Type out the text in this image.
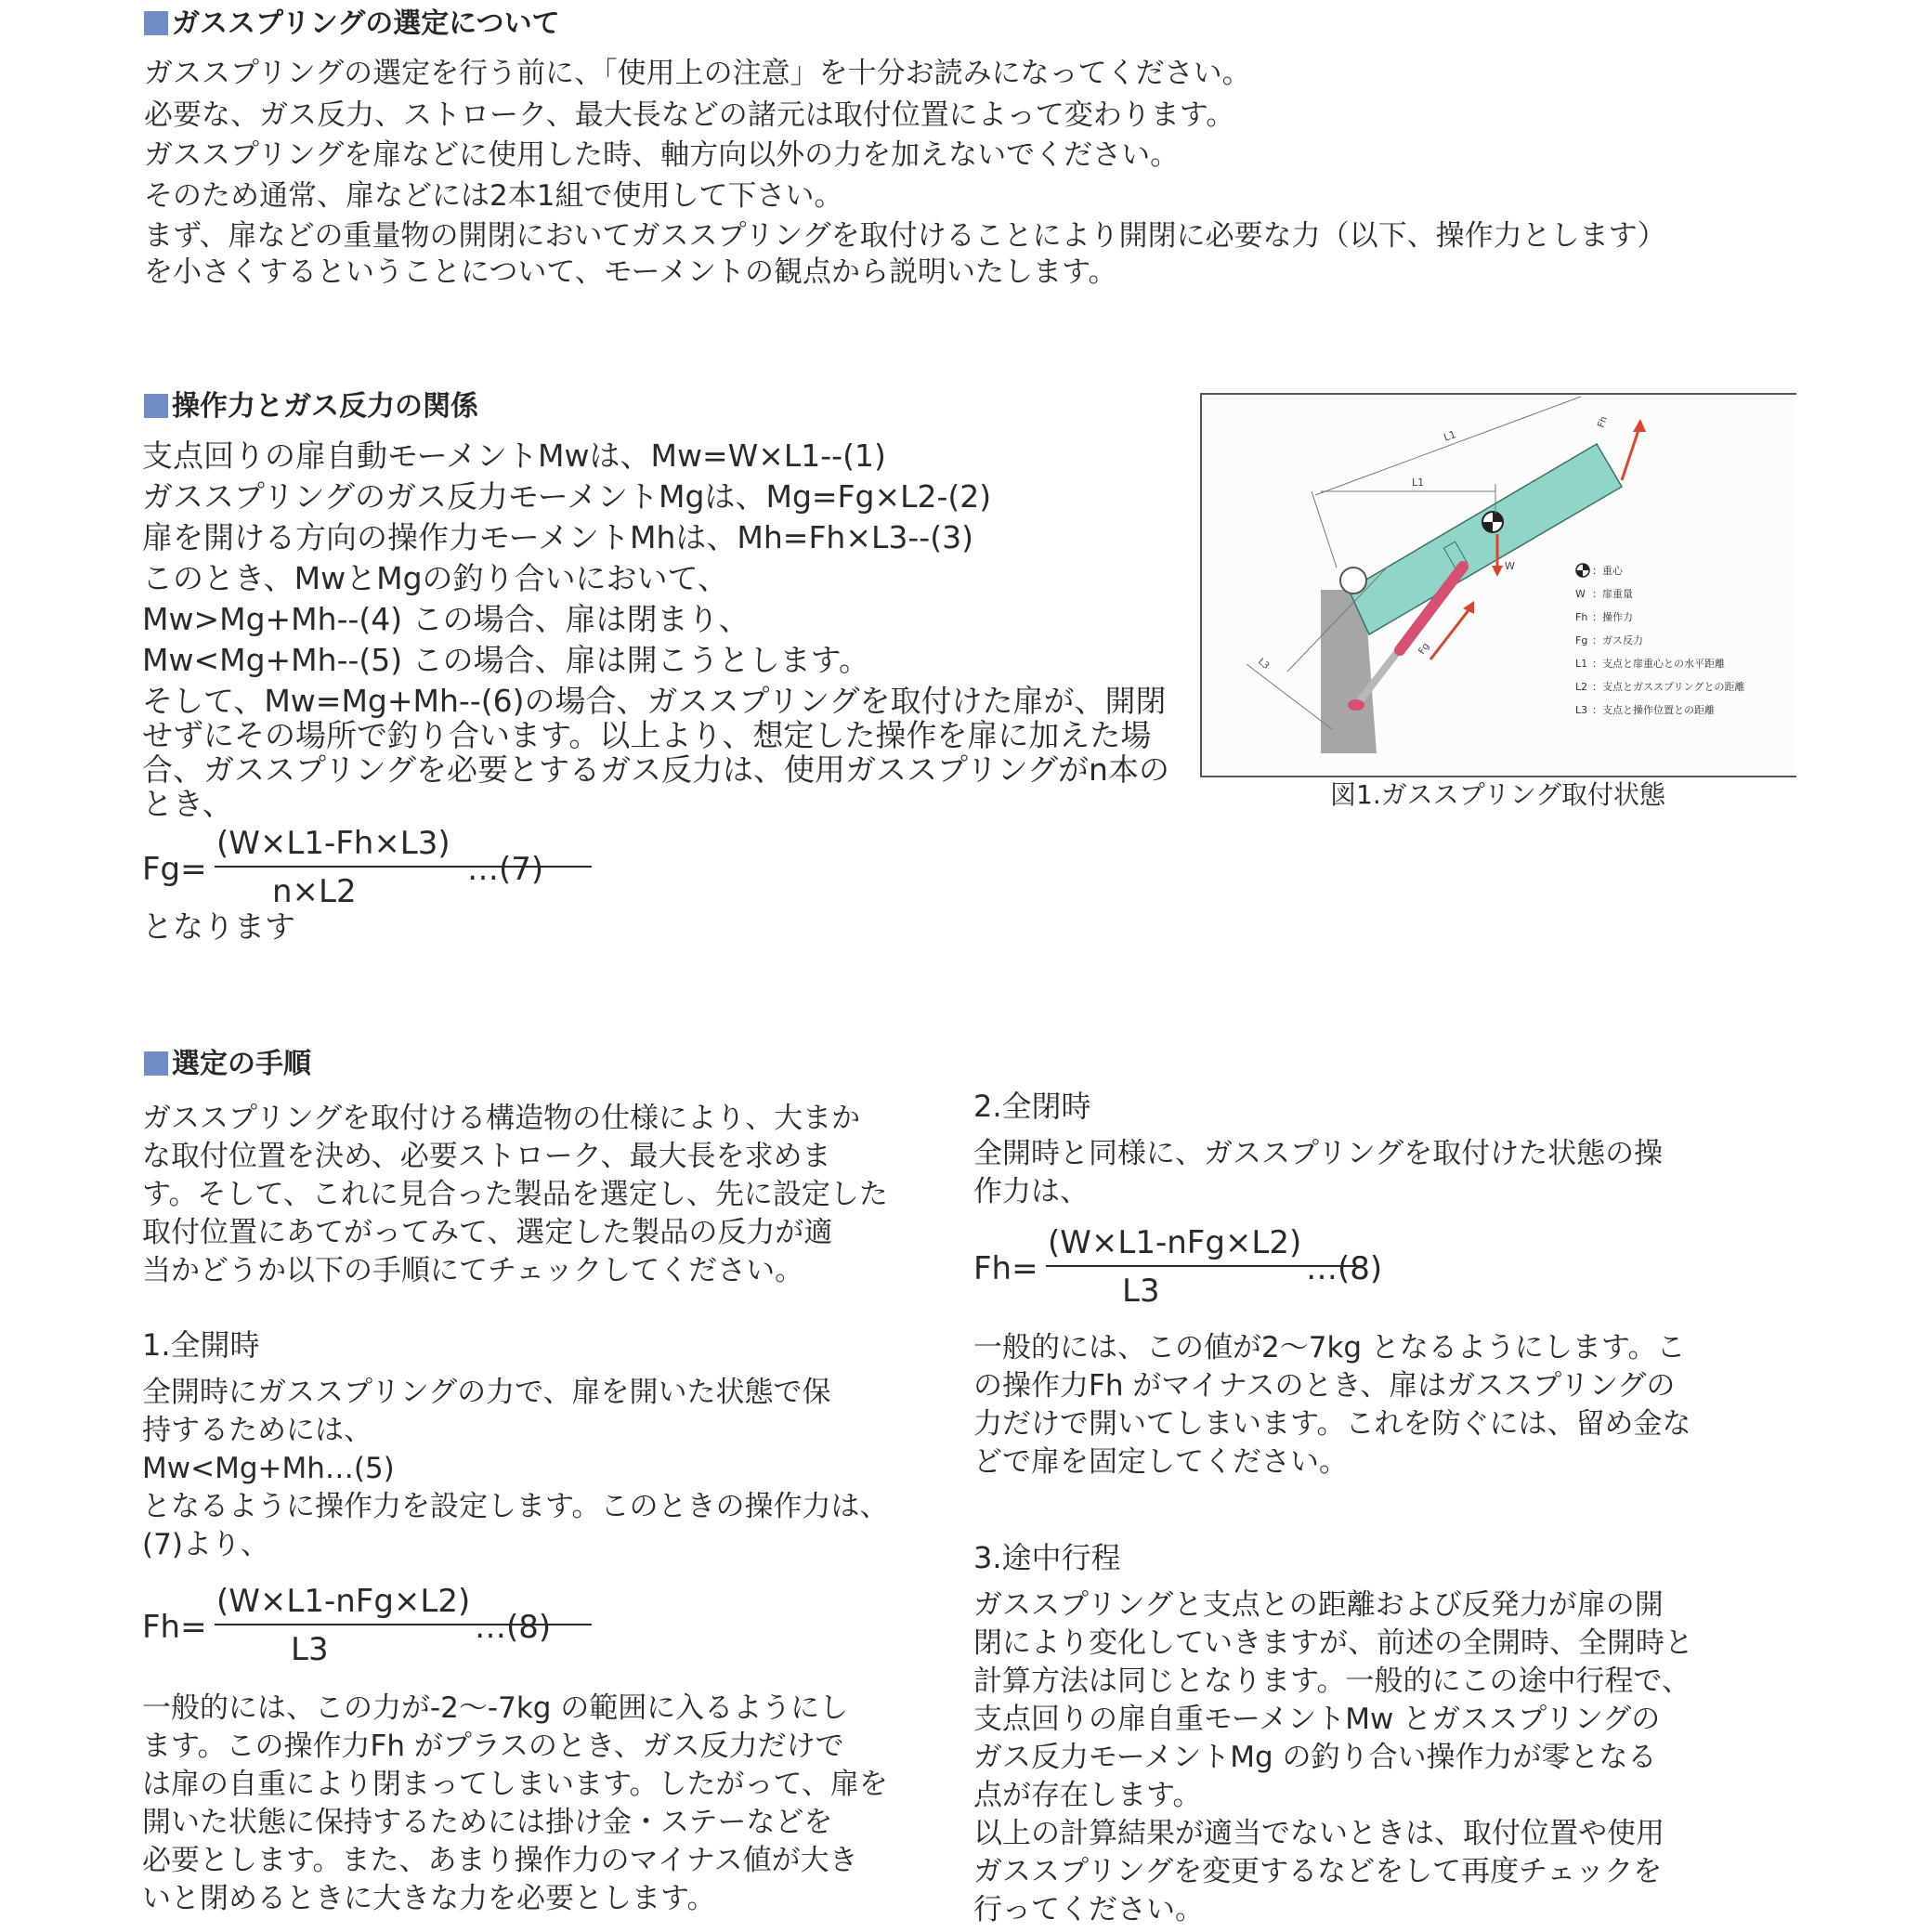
ガススプリングの選定について
ガススプリングの選定を行う前に、「使用上の注意」を十分お読みになってください。
必要な、ガス反力、ストローク、最大長などの諸元は取付位置によって変わります。
ガススプリングを扉などに使用した時、軸方向以外の力を加えないでください。
そのため通常、扉などには2本1組で使用して下さい。
まず、扉などの重量物の開閉においてガススプリングを取付けることにより開閉に必要な力（以下、操作力とします）
を小さくするということについて、モーメントの観点から説明いたします。
操作力とガス反力の関係
支点回りの扉自動モーメントMwは、Mw=W×L1--(1)
ガススプリングのガス反力モーメントMgは、Mg=Fg×L2-(2)
扉を開ける方向の操作力モーメントMhは、Mh=Fh×L3--(3)
このとき、MwとMgの釣り合いにおいて、
Mw>Mg+Mh--(4) この場合、扉は閉まり、
Mw<Mg+Mh--(5) この場合、扉は開こうとします。
そして、Mw=Mg+Mh--(6)の場合、ガススプリングを取付けた扉が、開閉
せずにその場所で釣り合います。以上より、想定した操作を扉に加えた場
合、ガススプリングを必要とするガス反力は、使用ガススプリングがn本の
とき、
Fg=
(W×L1-Fh×L3)
n×L2
…(7)
となります
W
Fh
Fg
L1
L1
L3
：重心
W ：扉重量
Fh ：操作力
Fg ：ガス反力
L1 ：支点と扉重心との水平距離
L2 ：支点とガススプリングとの距離
L3 ：支点と操作位置との距離
図1.ガススプリング取付状態
選定の手順
ガススプリングを取付ける構造物の仕様により、大まか
な取付位置を決め、必要ストローク、最大長を求めま
す。そして、これに見合った製品を選定し、先に設定した
取付位置にあてがってみて、選定した製品の反力が適
当かどうか以下の手順にてチェックしてください。
1.全開時
全開時にガススプリングの力で、扉を開いた状態で保
持するためには、
Mw<Mg+Mh…(5)
となるように操作力を設定します。このときの操作力は、
(7)より、
Fh=
(W×L1-nFg×L2)
L3
…(8)
一般的には、この力が-2～-7kg の範囲に入るようにし
ます。この操作力Fh がプラスのとき、ガス反力だけで
は扉の自重により閉まってしまいます。したがって、扉を
開いた状態に保持するためには掛け金・ステーなどを
必要とします。また、あまり操作力のマイナス値が大き
いと閉めるときに大きな力を必要とします。
2.全閉時
全開時と同様に、ガススプリングを取付けた状態の操
作力は、
Fh=
(W×L1-nFg×L2)
L3
…(8)
一般的には、この値が2～7kg となるようにします。こ
の操作力Fh がマイナスのとき、扉はガススプリングの
力だけで開いてしまいます。これを防ぐには、留め金な
どで扉を固定してください。
3.途中行程
ガススプリングと支点との距離および反発力が扉の開
閉により変化していきますが、前述の全開時、全開時と
計算方法は同じとなります。一般的にこの途中行程で、
支点回りの扉自重モーメントMw とガススプリングの
ガス反力モーメントMg の釣り合い操作力が零となる
点が存在します。
以上の計算結果が適当でないときは、取付位置や使用
ガススプリングを変更するなどをして再度チェックを
行ってください。
